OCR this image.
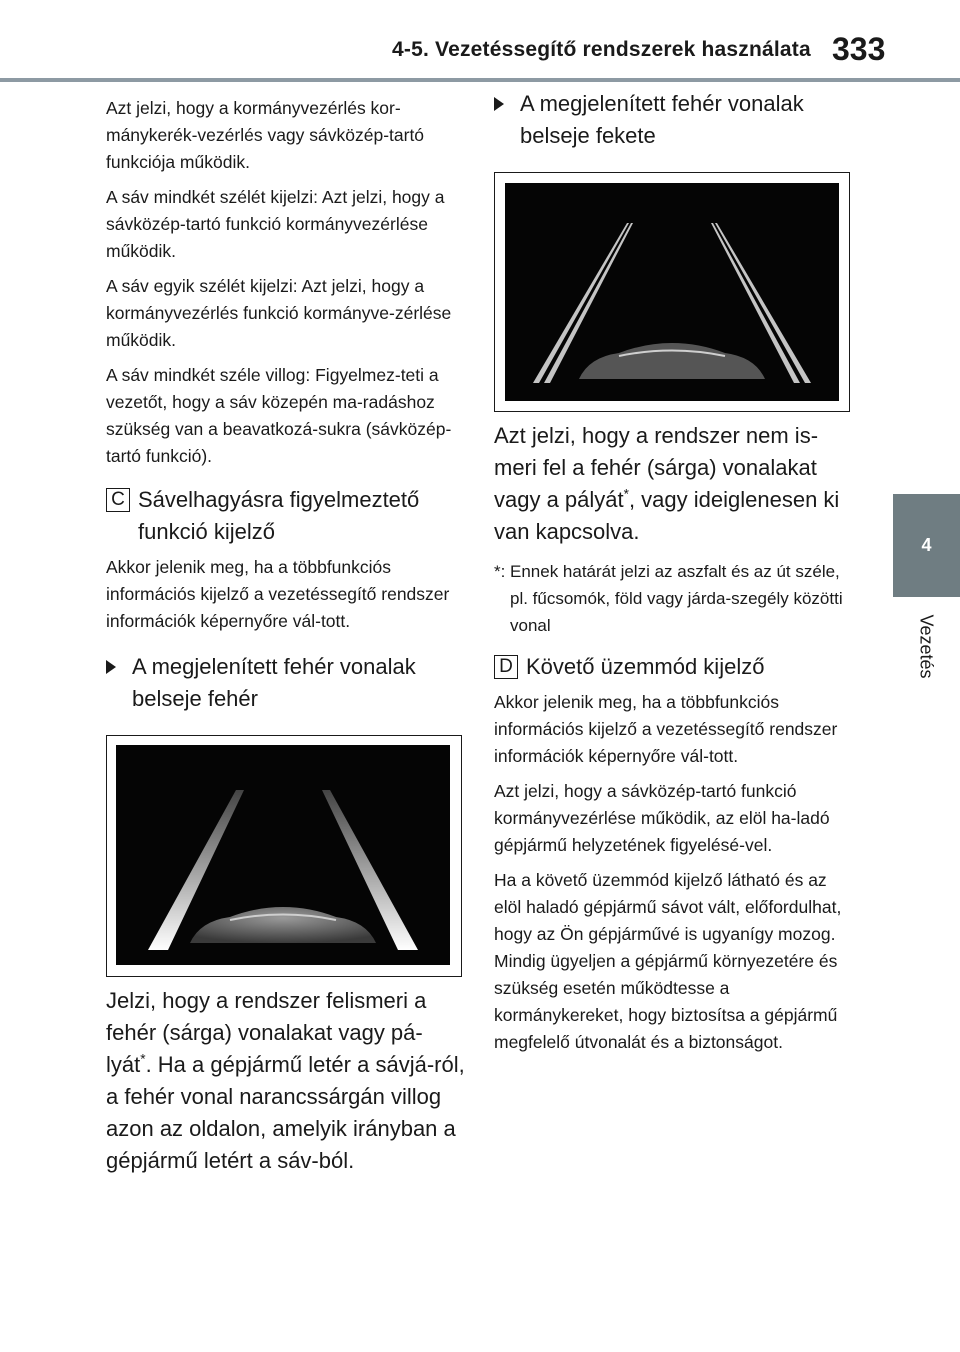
4-5. Vezetéssegítő rendszerek használata 333
4
Vezetés

Azt jelzi, hogy a kormányvezérlés kor-mánykerék-vezérlés vagy sávközép-tartó funkciója működik.

A sáv mindkét szélét kijelzi: Azt jelzi, hogy a sávközép-tartó funkció kormányvezérlése működik.

A sáv egyik szélét kijelzi: Azt jelzi, hogy a kormányvezérlés funkció kormányve-zérlése működik.

A sáv mindkét széle villog: Figyelmez-teti a vezetőt, hogy a sáv közepén ma-radáshoz szükség van a beavatkozá-sukra (sávközép-tartó funkció).

C Sávelhagyásra figyelmeztető funkció kijelző

Akkor jelenik meg, ha a többfunkciós információs kijelző a vezetéssegítő rendszer információk képernyőre vál-tott.

A megjelenített fehér vonalak belseje fehér

Jelzi, hogy a rendszer felismeri a fehér (sárga) vonalakat vagy pá-lyát*. Ha a gépjármű letér a sávjá-ról, a fehér vonal narancssárgán villog azon az oldalon, amelyik irányban a gépjármű letért a sáv-ból.

A megjelenített fehér vonalak belseje fekete

Azt jelzi, hogy a rendszer nem is-meri fel a fehér (sárga) vonalakat vagy a pályát*, vagy ideiglenesen ki van kapcsolva.

*: Ennek határát jelzi az aszfalt és az út széle, pl. fűcsomók, föld vagy járda-szegély közötti vonal
D Követő üzemmód kijelző

Akkor jelenik meg, ha a többfunkciós információs kijelző a vezetéssegítő rendszer információk képernyőre vál-tott.

Azt jelzi, hogy a sávközép-tartó funkció kormányvezérlése működik, az elöl ha-ladó gépjármű helyzetének figyelésé-vel.

Ha a követő üzemmód kijelző látható és az elöl haladó gépjármű sávot vált, előfordulhat, hogy az Ön gépjárművé is ugyanígy mozog. Mindig ügyeljen a gépjármű környezetére és szükség esetén működtesse a kormánykereket, hogy biztosítsa a gépjármű megfelelő útvonalát és a biztonságot.
